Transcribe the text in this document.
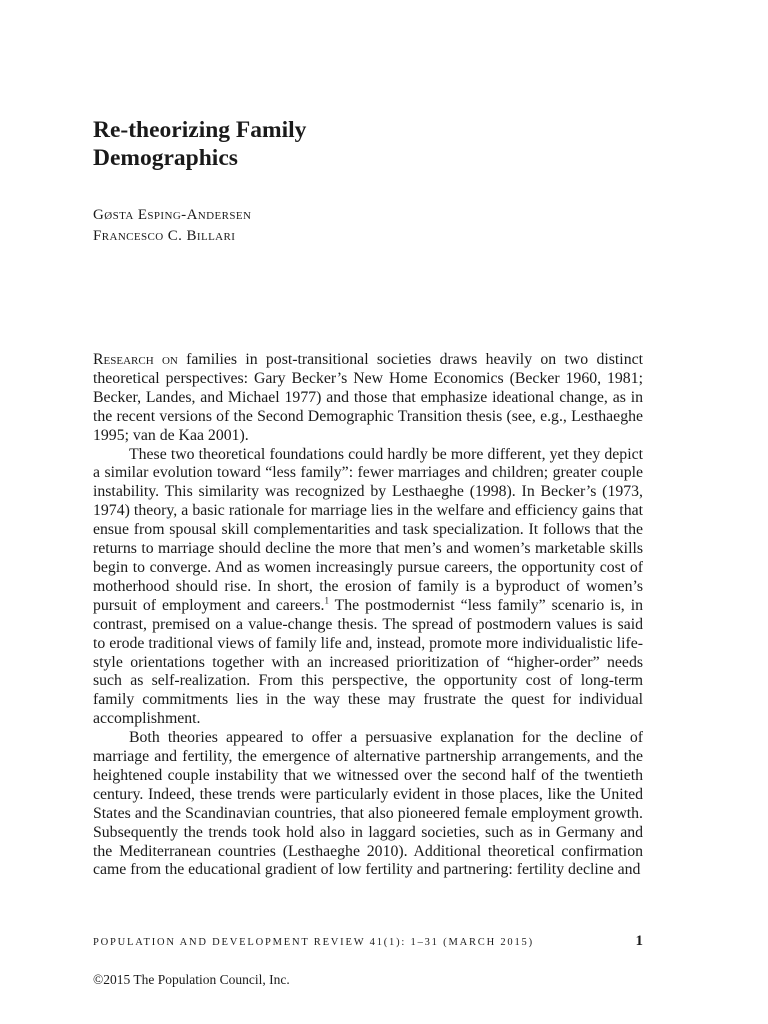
Re-theorizing Family
Demographics

Gøsta Esping-Andersen

Francesco C. Billari

Research on families in post-transitional societies draws heavily on two distinct theoretical perspectives: Gary Becker’s New Home Economics (Becker 1960, 1981; Becker, Landes, and Michael 1977) and those that emphasize ideational change, as in the recent versions of the Second Demographic Transition thesis (see, e.g., Lesthaeghe 1995; van de Kaa 2001).

These two theoretical foundations could hardly be more different, yet they depict a similar evolution toward “less family”: fewer marriages and children; greater couple instability. This similarity was recognized by Lesthaeghe (1998). In Becker’s (1973, 1974) theory, a basic rationale for marriage lies in the welfare and efficiency gains that ensue from spousal skill complementarities and task specialization. It follows that the returns to marriage should decline the more that men’s and women’s marketable skills begin to converge. And as women increasingly pursue careers, the opportunity cost of motherhood should rise. In short, the erosion of family is a byproduct of women’s pursuit of employment and careers.$^1$ The postmodernist “less family” scenario is, in contrast, premised on a value-change thesis. The spread of postmodern values is said to erode traditional views of family life and, instead, promote more individualistic life-style orientations together with an increased prioritization of “higher-order” needs such as self-realization. From this perspective, the opportunity cost of long-term family commitments lies in the way these may frustrate the quest for individual accomplishment.

Both theories appeared to offer a persuasive explanation for the decline of marriage and fertility, the emergence of alternative partnership arrangements, and the heightened couple instability that we witnessed over the second half of the twentieth century. Indeed, these trends were particularly evident in those places, like the United States and the Scandinavian countries, that also pioneered female employment growth. Subsequently the trends took hold also in laggard societies, such as in Germany and the Mediterranean countries (Lesthaeghe 2010). Additional theoretical confirmation came from the educational gradient of low fertility and partnering: fertility decline and

POPULATION AND DEVELOPMENT REVIEW 41(1): 1–31 (MARCH 2015)	1
©2015 The Population Council, Inc.
